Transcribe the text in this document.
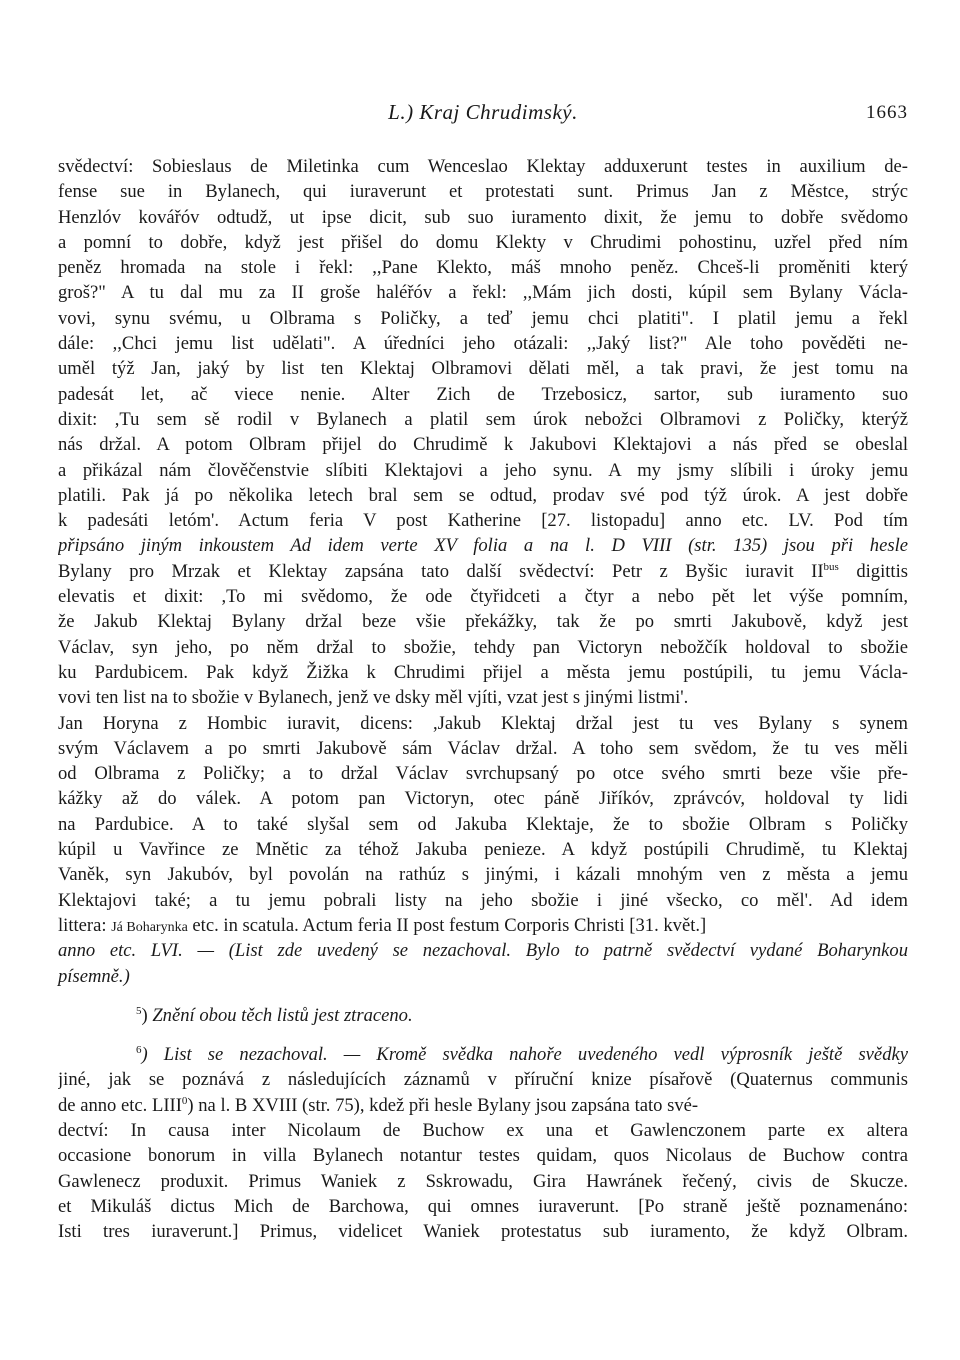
L.) Kraj Chrudimský.	1663
svědectví: Sobieslaus de Miletinka cum Wenceslao Klektay adduxerunt testes in auxilium de-
fense sue in Bylanech, qui iuraverunt et protestati sunt. Primus Jan z Městce, strýc
Henzlóv kovářóv odtudž, ut ipse dicit, sub suo iuramento dixit, že jemu to dobře svědomo
a pomní to dobře, když jest přišel do domu Klekty v Chrudimi pohostinu, uzřel před ním
peněz hromada na stole i řekl: ,,Pane Klekto, máš mnoho peněz. Chceš-li proměniti který
groš?" A tu dal mu za II groše haléřóv a řekl: ,,Mám jich dosti, kúpil sem Bylany Václa-
vovi, synu svému, u Olbrama s Poličky, a teď jemu chci platiti". I platil jemu a řekl
dále: ,,Chci jemu list udělati". A úředníci jeho otázali: ,,Jaký list?" Ale toho pověděti ne-
uměl týž Jan, jaký by list ten Klektaj Olbramovi dělati měl, a tak pravi, že jest tomu na
padesát let, ač viece nenie. Alter Zich de Trzebosicz, sartor, sub iuramento suo
dixit: ,Tu sem sě rodil v Bylanech a platil sem úrok nebožci Olbramovi z Poličky, kterýž
nás držal. A potom Olbram přijel do Chrudimě k Jakubovi Klektajovi a nás před se obeslal
a přikázal nám člověčenstvie slíbiti Klektajovi a jeho synu. A my jsmy slíbili i úroky jemu
platili. Pak já po několika letech bral sem se odtud, prodav své pod týž úrok. A jest dobře
k padesáti letóm'. Actum feria V post Katherine [27. listopadu] anno etc. LV. Pod tím
připsáno jiným inkoustem Ad idem verte XV folia a na l. D VIII (str. 135) jsou při hesle
Bylany pro Mrzak et Klektay zapsána tato další svědectví: Petr z Byšic iuravit $II^{bus}$ digittis
elevatis et dixit: ,To mi svědomo, že ode čtyřidceti a čtyr a nebo pět let výše pomním,
že Jakub Klektaj Bylany držal beze všie překážky, tak že po smrti Jakubově, když jest
Václav, syn jeho, po něm držal to sbožie, tehdy pan Victoryn nebožčík holdoval to sbožie
ku Pardubicem. Pak když Žižka k Chrudimi přijel a města jemu postúpili, tu jemu Václa-
vovi ten list na to sbožie v Bylanech, jenž ve dsky měl vjíti, vzat jest s jinými listmi'.
Jan Horyna z Hombic iuravit, dicens: ,Jakub Klektaj držal jest tu ves Bylany s synem
svým Václavem a po smrti Jakubově sám Václav držal. A toho sem svědom, že tu ves měli
od Olbrama z Poličky; a to držal Václav svrchupsaný po otce svého smrti beze všie pře-
kážky až do válek. A potom pan Victoryn, otec páně Jiříkóv, zprávcóv, holdoval ty lidi
na Pardubice. A to také slyšal sem od Jakuba Klektaje, že to sbožie Olbram s Poličky
kúpil u Vavřince ze Mnětic za téhož Jakuba penieze. A když postúpili Chrudimě, tu Klektaj
Vaněk, syn Jakubóv, byl povolán na rathúz s jinými, i kázali mnohým ven z města a jemu
Klektajovi také; a tu jemu pobrali listy na jeho sbožie i jiné všecko, co měl'. Ad idem
littera: Já Boharynka etc. in scatula. Actum feria II post festum Corporis Christi [31. květ.]
anno etc. LVI. — (List zde uvedený se nezachoval. Bylo to patrně svědectví vydané Boharynkou
písemně.)
$^5$) Znění obou těch listů jest ztraceno.
$^6$) List se nezachoval. — Kromě svědka nahoře uvedeného vedl výprosník ještě svědky
jiné, jak se poznává z následujících záznamů v příruční knize písařově (Quaternus communis
de anno etc. LIII$^0$) na l. B XVIII (str. 75), kdež při hesle Bylany jsou zapsána tato své-
dectví: In causa inter Nicolaum de Buchow ex una et Gawlenczonem parte ex altera
occasione bonorum in villa Bylanech notantur testes quidam, quos Nicolaus de Buchow contra
Gawlenecz produxit. Primus Waniek z Sskrowadu, Gira Hawránek řečený, civis de Skucze.
et Mikuláš dictus Mich de Barchowa, qui omnes iuraverunt. [Po straně ještě poznamenáno:
Isti tres iuraverunt.] Primus, videlicet Waniek protestatus sub iuramento, že když Olbram.
